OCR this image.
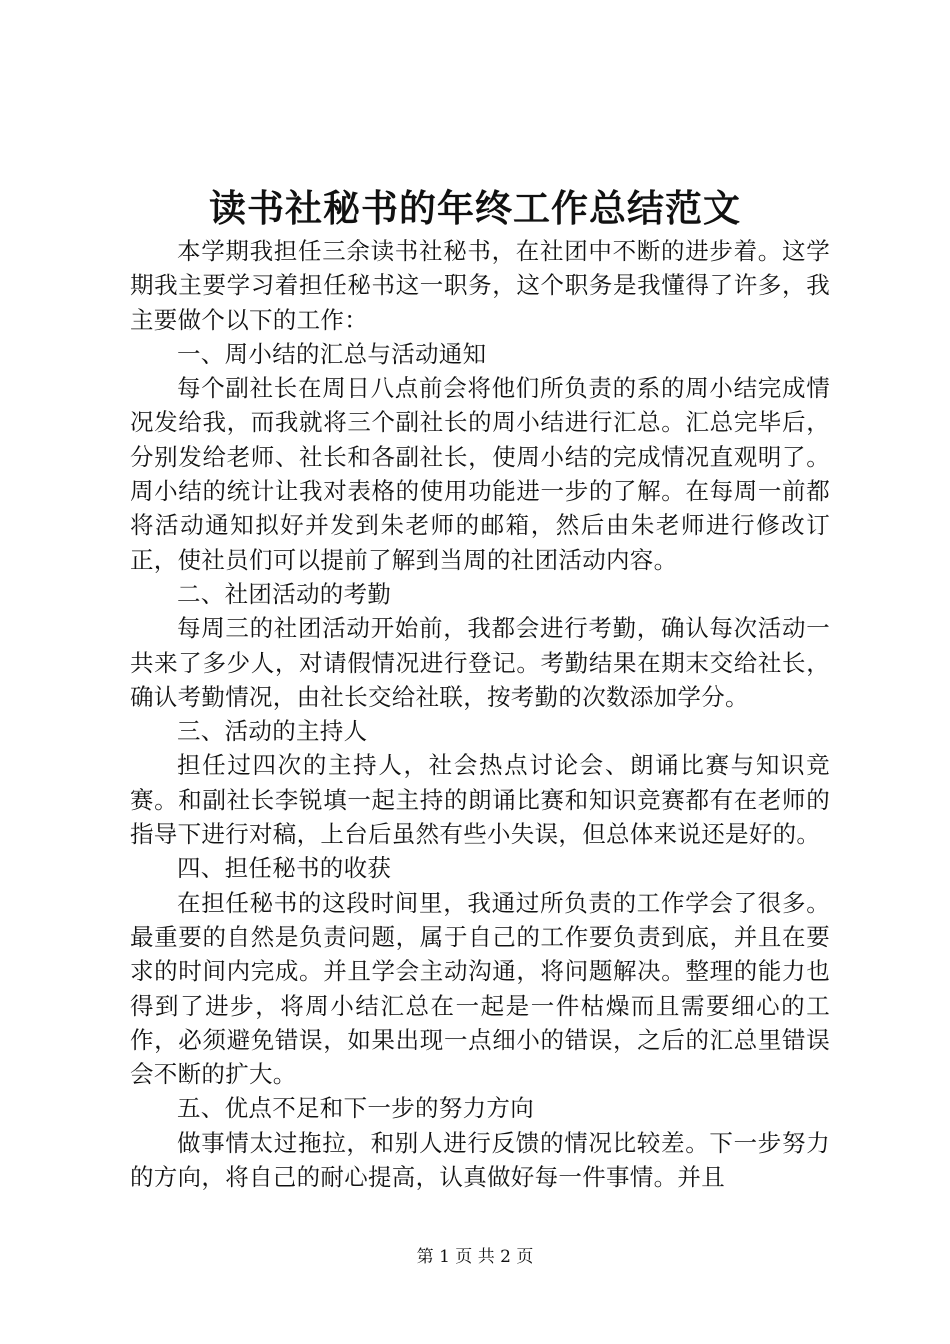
读书社秘书的年终工作总结范文

本学期我担任三余读书社秘书，在社团中不断的进步着。这学期我主要学习着担任秘书这一职务，这个职务是我懂得了许多，我主要做个以下的工作：

一、周小结的汇总与活动通知

每个副社长在周日八点前会将他们所负责的系的周小结完成情况发给我，而我就将三个副社长的周小结进行汇总。汇总完毕后，分别发给老师、社长和各副社长，使周小结的完成情况直观明了。周小结的统计让我对表格的使用功能进一步的了解。在每周一前都将活动通知拟好并发到朱老师的邮箱，然后由朱老师进行修改订正，使社员们可以提前了解到当周的社团活动内容。

二、社团活动的考勤

每周三的社团活动开始前，我都会进行考勤，确认每次活动一共来了多少人，对请假情况进行登记。考勤结果在期末交给社长，确认考勤情况，由社长交给社联，按考勤的次数添加学分。

三、活动的主持人

担任过四次的主持人，社会热点讨论会、朗诵比赛与知识竞赛。和副社长李锐填一起主持的朗诵比赛和知识竞赛都有在老师的指导下进行对稿，上台后虽然有些小失误，但总体来说还是好的。

四、担任秘书的收获

在担任秘书的这段时间里，我通过所负责的工作学会了很多。最重要的自然是负责问题，属于自己的工作要负责到底，并且在要求的时间内完成。并且学会主动沟通，将问题解决。整理的能力也得到了进步，将周小结汇总在一起是一件枯燥而且需要细心的工作，必须避免错误，如果出现一点细小的错误，之后的汇总里错误会不断的扩大。

五、优点不足和下一步的努力方向

做事情太过拖拉，和别人进行反馈的情况比较差。下一步努力的方向，将自己的耐心提高，认真做好每一件事情。并且

第 1 页 共 2 页
